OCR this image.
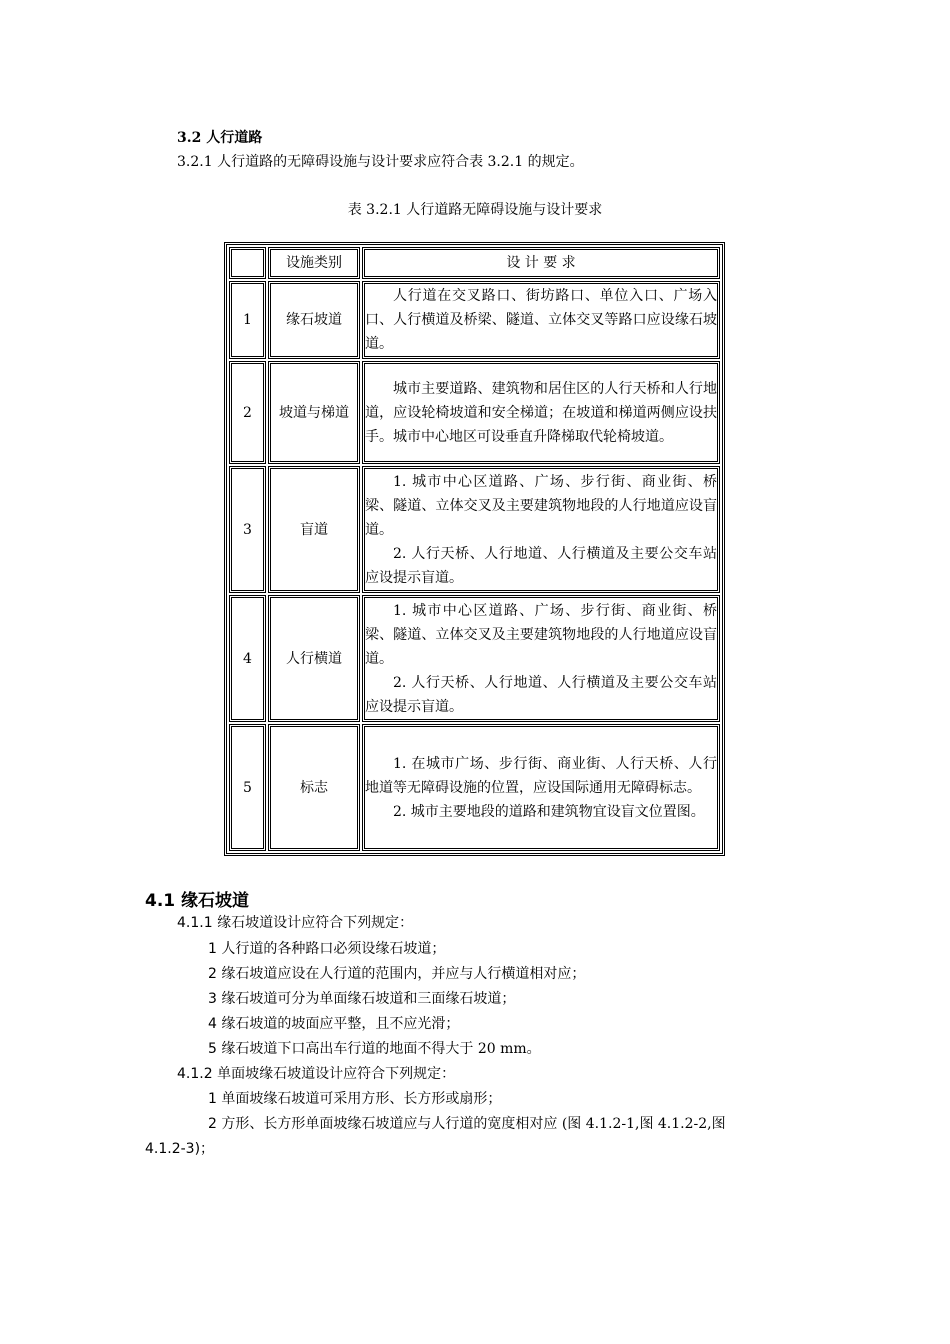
3.2 人行道路
3.2.1 人行道路的无障碍设施与设计要求应符合表 3.2.1 的规定。
表 3.2.1 人行道路无障碍设施与设计要求
	设施类别	设 计 要 求
1	缘石坡道	人行道在交叉路口、街坊路口、单位入口、广场入口、人行横道及桥梁、隧道、立体交叉等路口应设缘石坡道。

2	坡道与梯道	城市主要道路、建筑物和居住区的人行天桥和人行地道，应设轮椅坡道和安全梯道；在坡道和梯道两侧应设扶手。城市中心地区可设垂直升降梯取代轮椅坡道。

3	盲道	1. 城市中心区道路、广场、步行街、商业街、桥梁、隧道、立体交叉及主要建筑物地段的人行地道应设盲道。

2. 人行天桥、人行地道、人行横道及主要公交车站应设提示盲道。

4	人行横道	1. 城市中心区道路、广场、步行街、商业街、桥梁、隧道、立体交叉及主要建筑物地段的人行地道应设盲道。

2. 人行天桥、人行地道、人行横道及主要公交车站应设提示盲道。

5	标志	1. 在城市广场、步行街、商业街、人行天桥、人行地道等无障碍设施的位置，应设国际通用无障碍标志。

2. 城市主要地段的道路和建筑物宜设盲文位置图。

4.1 缘石坡道
4.1.1 缘石坡道设计应符合下列规定：
1 人行道的各种路口必须设缘石坡道；
2 缘石坡道应设在人行道的范围内，并应与人行横道相对应；
3 缘石坡道可分为单面缘石坡道和三面缘石坡道；
4 缘石坡道的坡面应平整，且不应光滑；
5 缘石坡道下口高出车行道的地面不得大于 20 mm。
4.1.2 单面坡缘石坡道设计应符合下列规定：
1 单面坡缘石坡道可采用方形、长方形或扇形；
2 方形、长方形单面坡缘石坡道应与人行道的宽度相对应 (图 4.1.2-1,图 4.1.2-2,图
4.1.2-3)；
